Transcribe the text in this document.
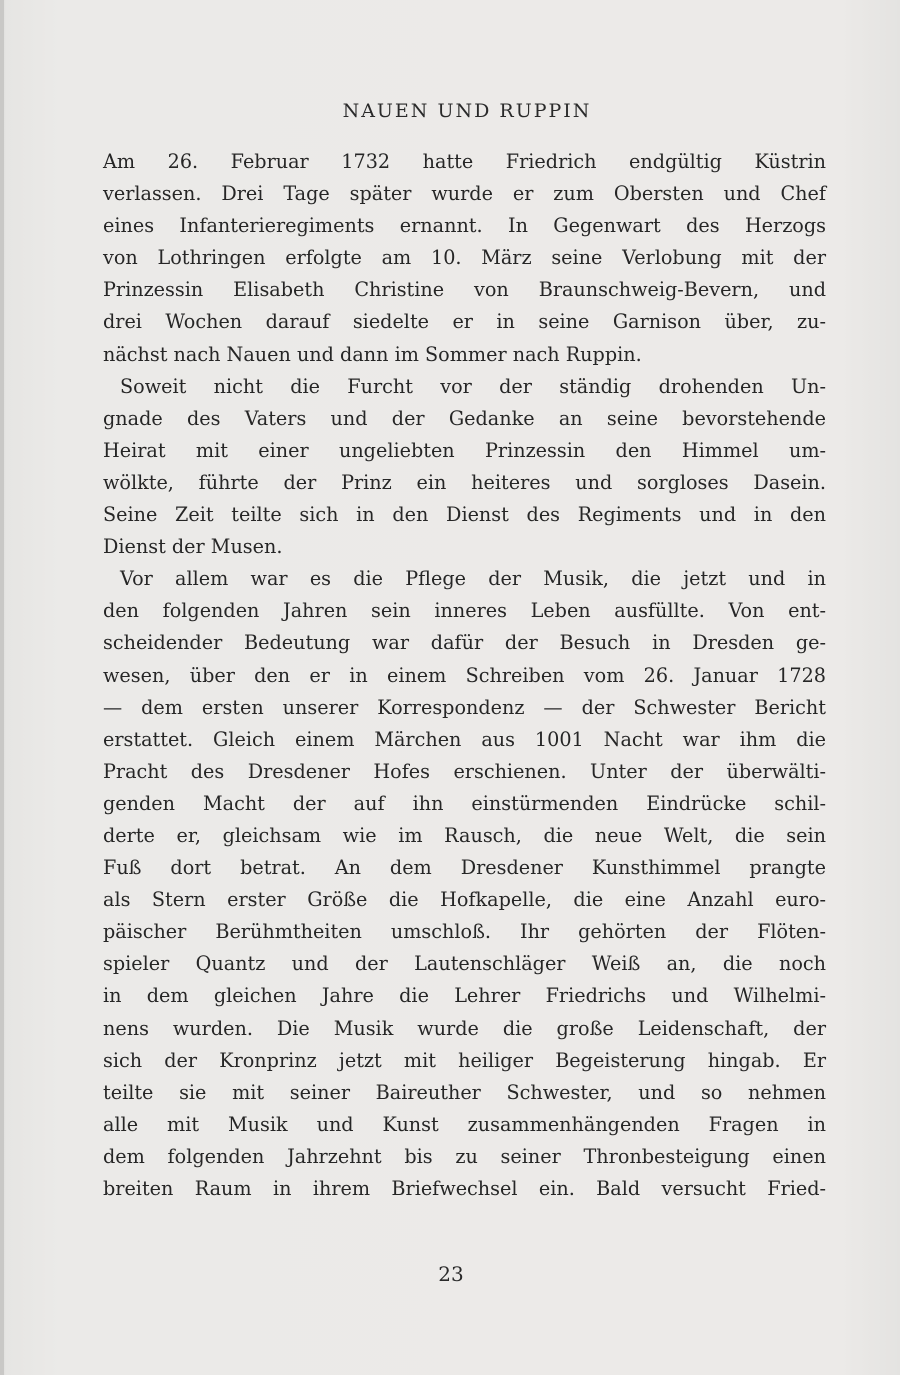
NAUEN UND RUPPIN
Am 26. Februar 1732 hatte Friedrich endgültig Küstrin
verlassen. Drei Tage später wurde er zum Obersten und Chef
eines Infanterieregiments ernannt. In Gegenwart des Herzogs
von Lothringen erfolgte am 10. März seine Verlobung mit der
Prinzessin Elisabeth Christine von Braunschweig-Bevern, und
drei Wochen darauf siedelte er in seine Garnison über, zu-
nächst nach Nauen und dann im Sommer nach Ruppin.
Soweit nicht die Furcht vor der ständig drohenden Un-
gnade des Vaters und der Gedanke an seine bevorstehende
Heirat mit einer ungeliebten Prinzessin den Himmel um-
wölkte, führte der Prinz ein heiteres und sorgloses Dasein.
Seine Zeit teilte sich in den Dienst des Regiments und in den
Dienst der Musen.
Vor allem war es die Pflege der Musik, die jetzt und in
den folgenden Jahren sein inneres Leben ausfüllte. Von ent-
scheidender Bedeutung war dafür der Besuch in Dresden ge-
wesen, über den er in einem Schreiben vom 26. Januar 1728
— dem ersten unserer Korrespondenz — der Schwester Bericht
erstattet. Gleich einem Märchen aus 1001 Nacht war ihm die
Pracht des Dresdener Hofes erschienen. Unter der überwälti-
genden Macht der auf ihn einstürmenden Eindrücke schil-
derte er, gleichsam wie im Rausch, die neue Welt, die sein
Fuß dort betrat. An dem Dresdener Kunsthimmel prangte
als Stern erster Größe die Hofkapelle, die eine Anzahl euro-
päischer Berühmtheiten umschloß. Ihr gehörten der Flöten-
spieler Quantz und der Lautenschläger Weiß an, die noch
in dem gleichen Jahre die Lehrer Friedrichs und Wilhelmi-
nens wurden. Die Musik wurde die große Leidenschaft, der
sich der Kronprinz jetzt mit heiliger Begeisterung hingab. Er
teilte sie mit seiner Baireuther Schwester, und so nehmen
alle mit Musik und Kunst zusammenhängenden Fragen in
dem folgenden Jahrzehnt bis zu seiner Thronbesteigung einen
breiten Raum in ihrem Briefwechsel ein. Bald versucht Fried-
23
